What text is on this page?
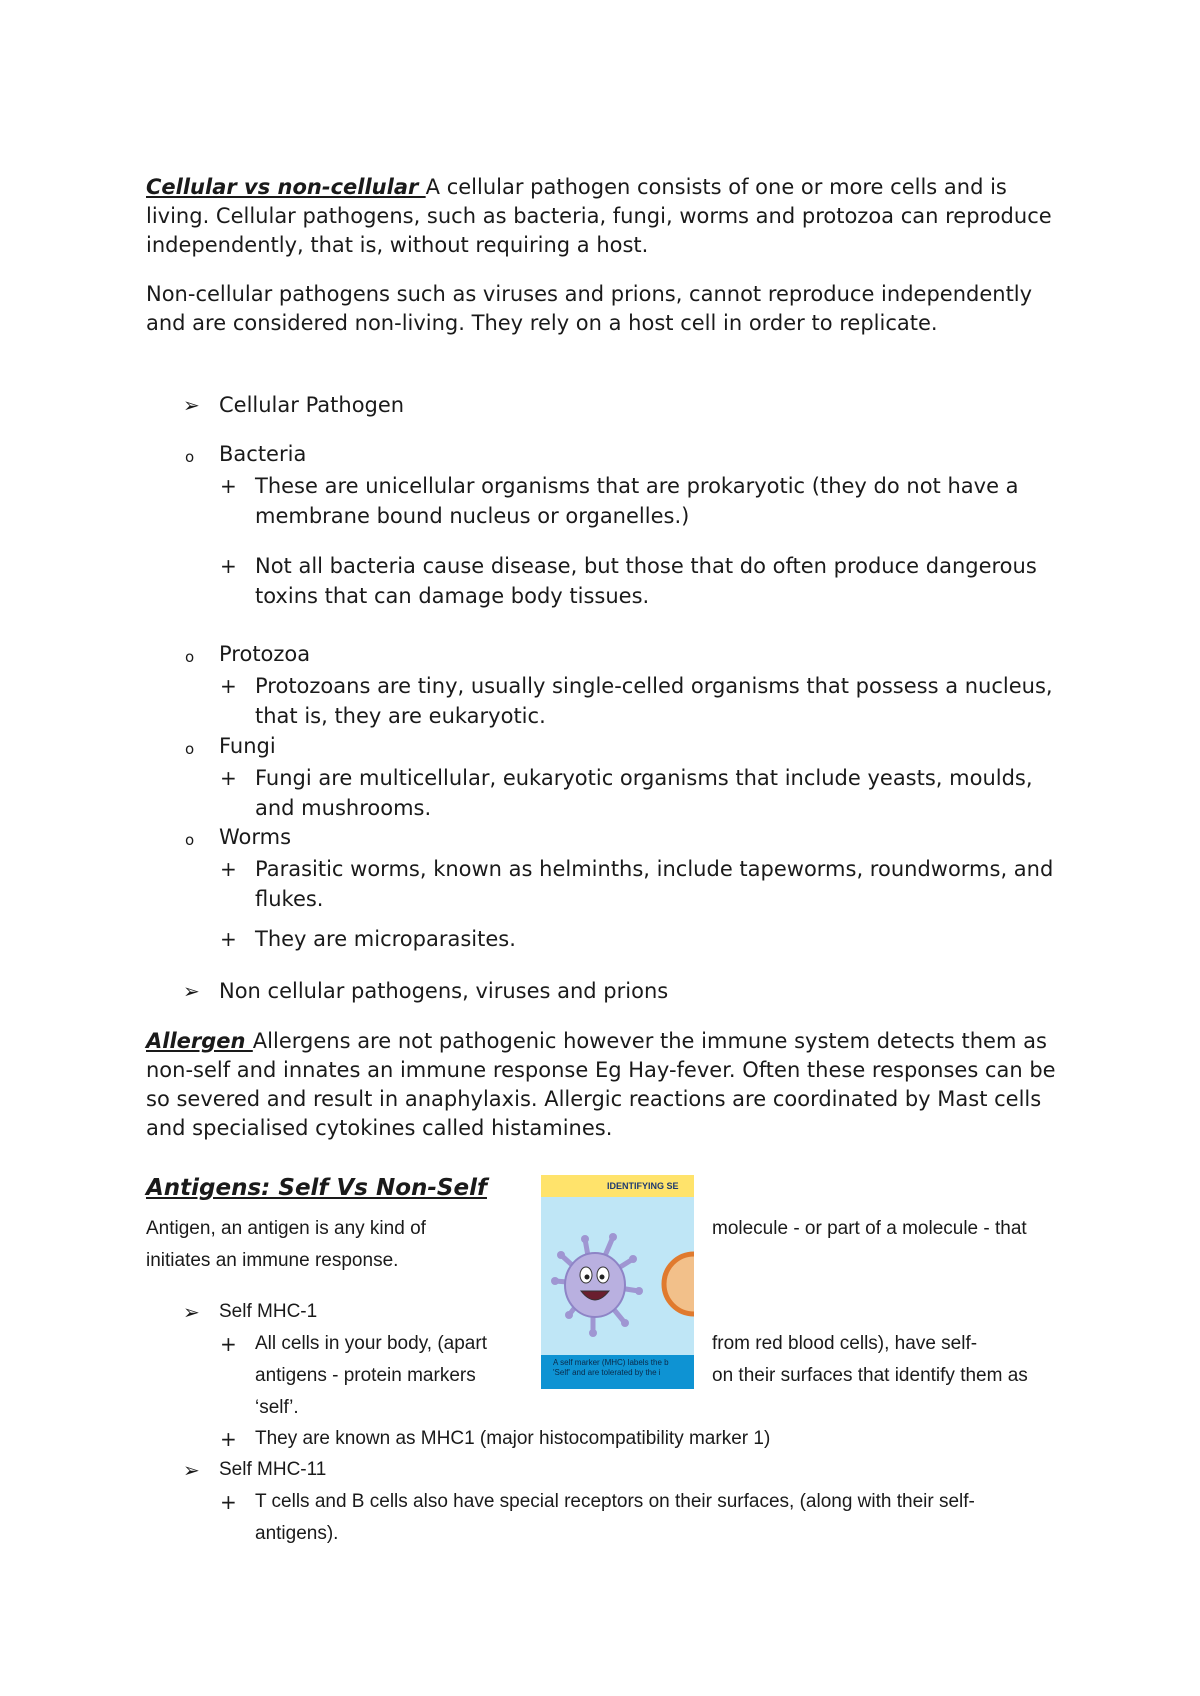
Cellular vs non-cellular A cellular pathogen consists of one or more cells and is living. Cellular pathogens, such as bacteria, fungi, worms and protozoa can reproduce independently, that is, without requiring a host.
Non-cellular pathogens such as viruses and prions, cannot reproduce independently and are considered non-living. They rely on a host cell in order to replicate.
➢ Cellular Pathogen
o Bacteria
+ These are unicellular organisms that are prokaryotic (they do not have a membrane bound nucleus or organelles.)
+ Not all bacteria cause disease, but those that do often produce dangerous toxins that can damage body tissues.
o Protozoa
+ Protozoans are tiny, usually single-celled organisms that possess a nucleus, that is, they are eukaryotic.
o Fungi
+ Fungi are multicellular, eukaryotic organisms that include yeasts, moulds, and mushrooms.
o Worms
+ Parasitic worms, known as helminths, include tapeworms, roundworms, and flukes.
+ They are microparasites.
➢ Non cellular pathogens, viruses and prions
Allergen Allergens are not pathogenic however the immune system detects them as non-self and innates an immune response Eg Hay-fever. Often these responses can be so severed and result in anaphylaxis. Allergic reactions are coordinated by Mast cells and specialised cytokines called histamines.
Antigens: Self Vs Non-Self
Antigen, an antigen is any kind of	molecule - or part of a molecule - that
initiates an immune response.
➢ Self MHC-1
+ All cells in your body, (apart	from red blood cells), have self-
antigens - protein markers	on their surfaces that identify them as
‘self’.
+ They are known as MHC1 (major histocompatibility marker 1)
➢ Self MHC-11
+ T cells and B cells also have special receptors on their surfaces, (along with their self-antigens).
IDENTIFYING SE
A self marker (MHC) labels the b
'Self' and are tolerated by the i
